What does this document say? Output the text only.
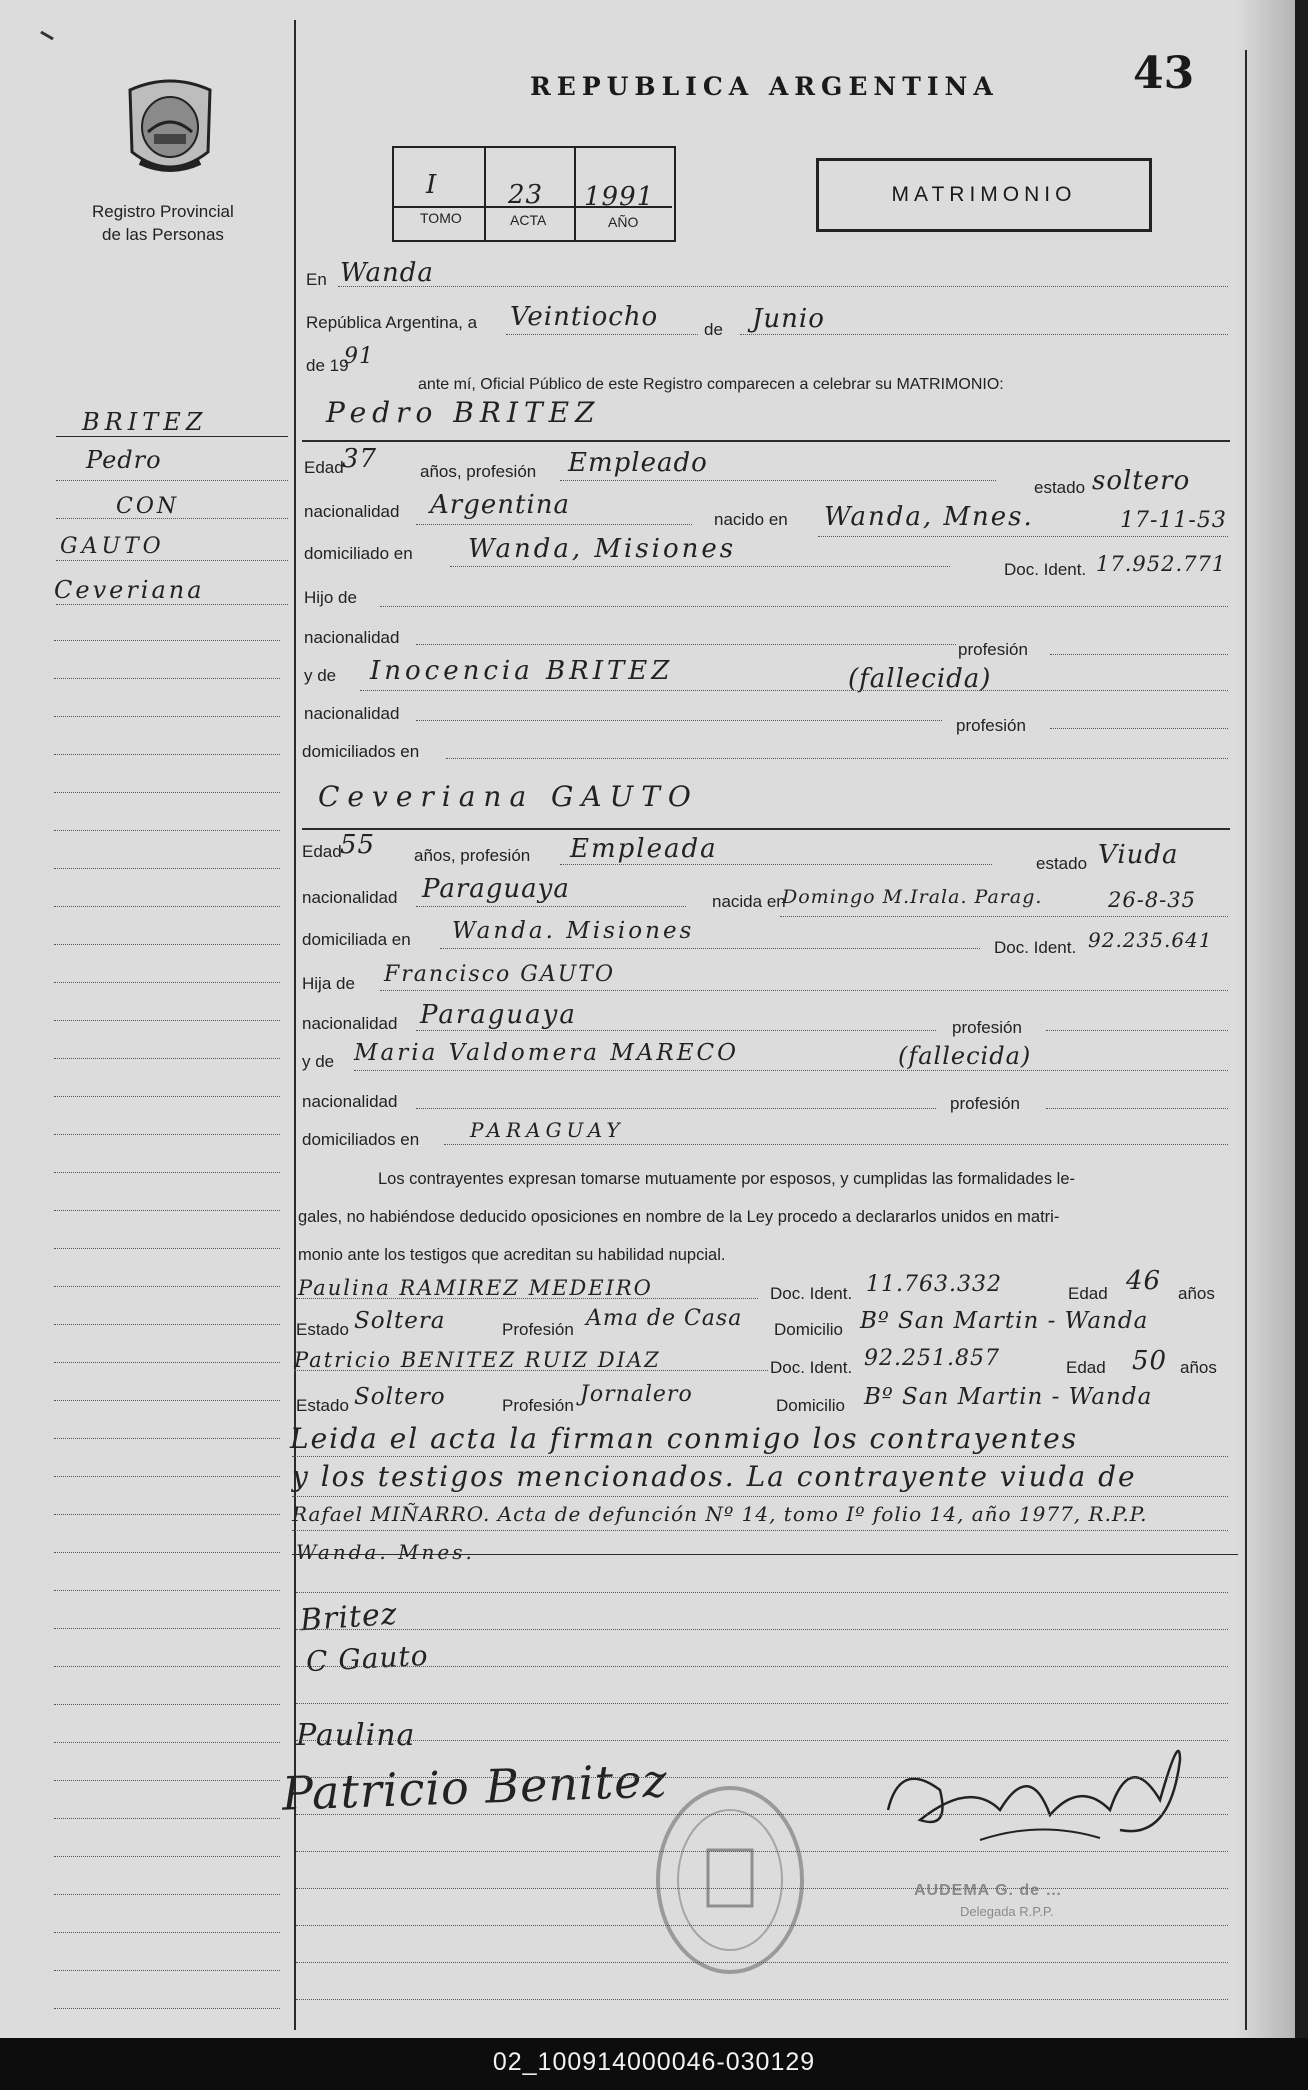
Registro Provincial
de las Personas
REPUBLICA ARGENTINA	43
I
TOMO
23
ACTA
1991
AÑO
MATRIMONIO
BRITEZ
Pedro
CON
GAUTO
Ceveriana
En Wanda
República Argentina, a Veintiocho	de Junio
de 19
91
ante mí, Oficial Público de este Registro comparecen a celebrar su MATRIMONIO:
Pedro BRITEZ
Edad
37	años, profesión Empleado
estado soltero
nacionalidad Argentina	nacido en Wanda, Mnes.	17-11-53
domiciliado en Wanda, Misiones
Doc. Ident. 17.952.771
Hijo de
nacionalidad
profesión
y de Inocencia BRITEZ	(fallecida)
nacionalidad
profesión
domiciliados en
Ceveriana GAUTO
Edad
55 años, profesión Empleada	estado Viuda
nacionalidad Paraguaya	nacida en
Domingo M.Irala. Parag.	26-8-35
domiciliada en Wanda. Misiones
Doc. Ident. 92.235.641
Hija de Francisco GAUTO
nacionalidad Paraguaya	profesión
y de Maria Valdomera MARECO	(fallecida)
nacionalidad	profesión
domiciliados en	PARAGUAY
Los contrayentes expresan tomarse mutuamente por esposos, y cumplidas las formalidades le-
gales, no habiéndose deducido oposiciones en nombre de la Ley procedo a declararlos unidos en matri-
monio ante los testigos que acreditan su habilidad nupcial.
Paulina RAMIREZ MEDEIRO	Doc. Ident. 11.763.332	Edad 46 años
Estado Soltera	Profesión Ama de Casa Domicilio Bº San Martin - Wanda
Patricio BENITEZ RUIZ DIAZ	Doc. Ident. 92.251.857	Edad 50 años
Estado Soltero	Profesión Jornalero	Domicilio Bº San Martin - Wanda
Leida el acta la firman conmigo los contrayentes
y los testigos mencionados. La contrayente viuda de
Rafael MIÑARRO. Acta de defunción Nº 14, tomo Iº folio 14, año 1977, R.P.P.
Wanda. Mnes.
Britez
C Gauto
Paulina
Patricio Benitez
AUDEMA G. de …
Delegada R.P.P.
02_100914000046-030129
